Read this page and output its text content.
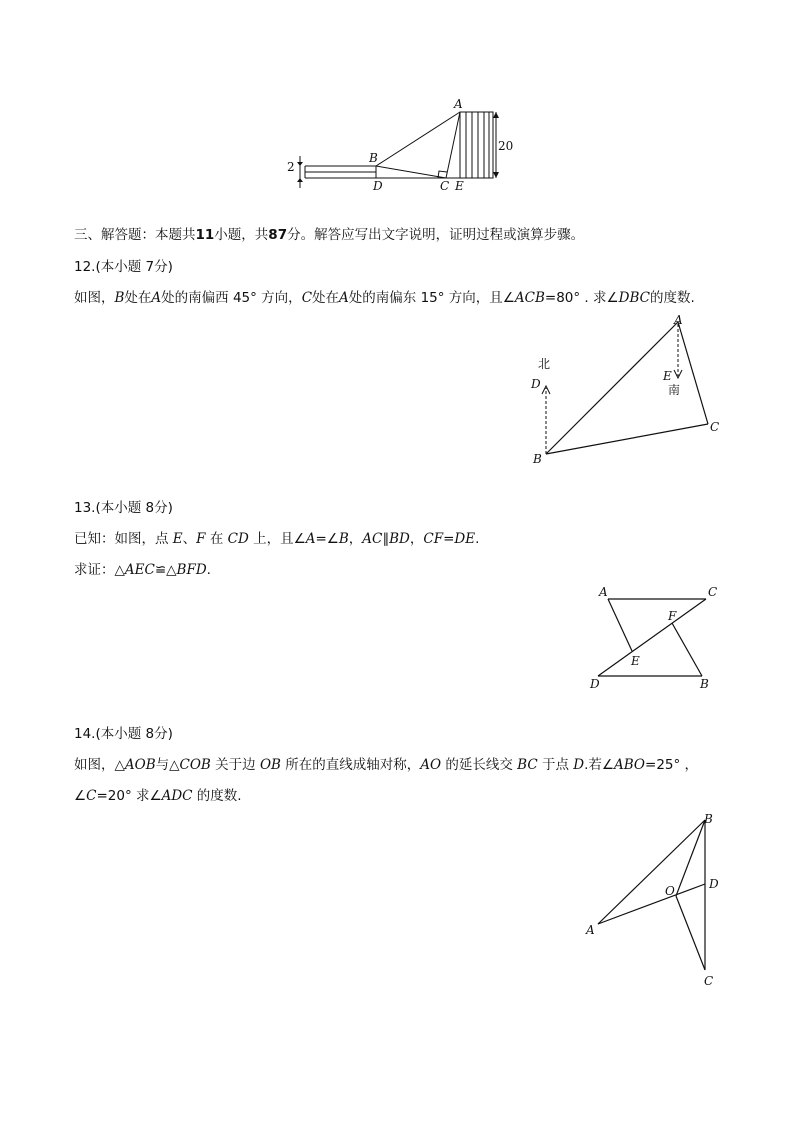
2
20
A
B
D	C E
三、解答题：本题共11小题，共87分。解答应写出文字说明，证明过程或演算步骤。
12.(本小题 7分)
如图，B处在A处的南偏西 45° 方向，C处在A处的南偏东 15° 方向，且∠ACB=80° . 求∠DBC的度数.
北
南
A
D
E
C
B
13.(本小题 8分)
已知：如图，点 E、F 在 CD 上，且∠A=∠B，AC∥BD，CF=DE.
求证：△AEC≌△BFD.
A	C
F
E
D	B
14.(本小题 8分)
如图，△AOB与△COB 关于边 OB 所在的直线成轴对称，AO 的延长线交 BC 于点 D.若∠ABO=25° ，
∠C=20° 求∠ADC 的度数.
B
O	D
A
C
